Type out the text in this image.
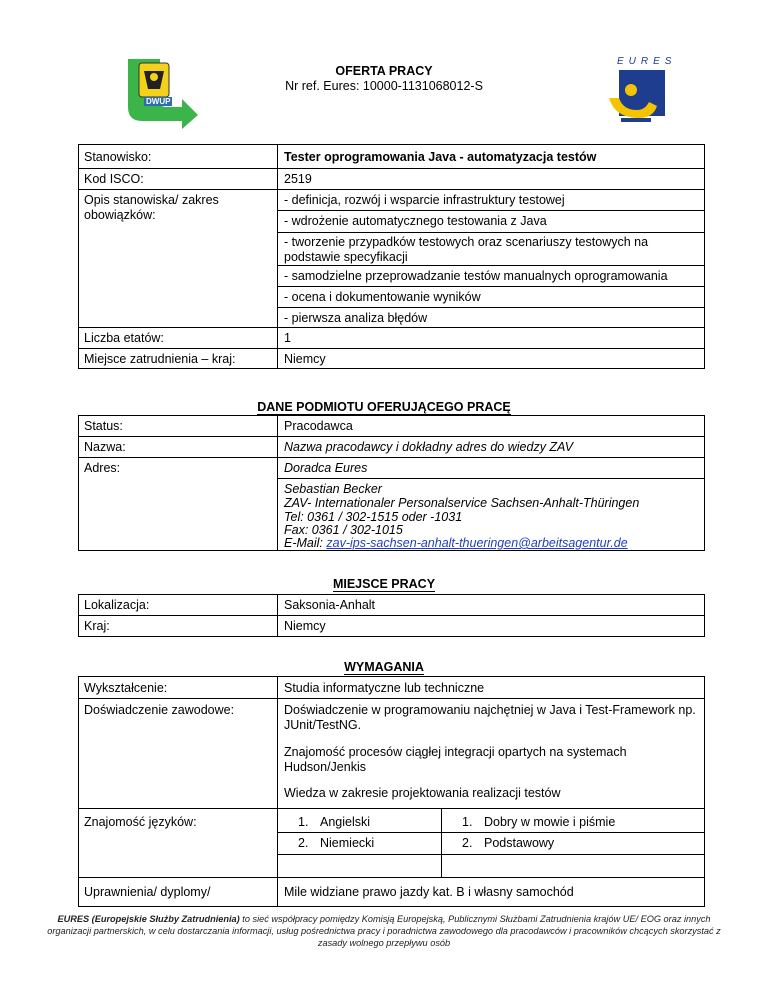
OFERTA PRACY
Nr ref. Eures: 10000-1131068012-S
DWUP
EURES
Stanowisko:	Tester oprogramowania Java - automatyzacja testów
Kod ISCO:	2519
Opis stanowiska/ zakres obowiązków:
- definicja, rozwój i wsparcie infrastruktury testowej
- wdrożenie automatycznego testowania z Java
- tworzenie przypadków testowych oraz scenariuszy testowych na podstawie specyfikacji
- samodzielne przeprowadzanie testów manualnych oprogramowania
- ocena i dokumentowanie wyników
- pierwsza analiza błędów
Liczba etatów:	1
Miejsce zatrudnienia – kraj:	Niemcy
DANE PODMIOTU OFERUJĄCEGO PRACĘ
Status:	Pracodawca
Nazwa:	Nazwa pracodawcy i dokładny adres do wiedzy ZAV
Adres:	Doradca Eures
Sebastian Becker
ZAV- Internationaler Personalservice Sachsen-Anhalt-Thüringen
Tel: 0361 / 302-1515 oder -1031
Fax: 0361 / 302-1015
E-Mail: zav-ips-sachsen-anhalt-thueringen@arbeitsagentur.de
MIEJSCE PRACY
Lokalizacja:	Saksonia-Anhalt
Kraj:	Niemcy
WYMAGANIA
Wykształcenie:	Studia informatyczne lub techniczne
Doświadczenie zawodowe:	Doświadczenie w programowaniu najchętniej w Java i Test-Framework np. JUnit/TestNG.
Znajomość procesów ciągłej integracji opartych na systemach Hudson/Jenkis
Wiedza w zakresie projektowania realizacji testów
Znajomość języków:	1. Angielski	1. Dobry w mowie i piśmie
2. Niemiecki	2. Podstawowy
Uprawnienia/ dyplomy/	Mile widziane prawo jazdy kat. B i własny samochód
EURES (Europejskie Służby Zatrudnienia) to sieć współpracy pomiędzy Komisją Europejską, Publicznymi Służbami Zatrudnienia krajów UE/ EOG oraz innych organizacji partnerskich, w celu dostarczania informacji, usług pośrednictwa pracy i poradnictwa zawodowego dla pracodawców i pracowników chcących skorzystać z zasady wolnego przepływu osób
